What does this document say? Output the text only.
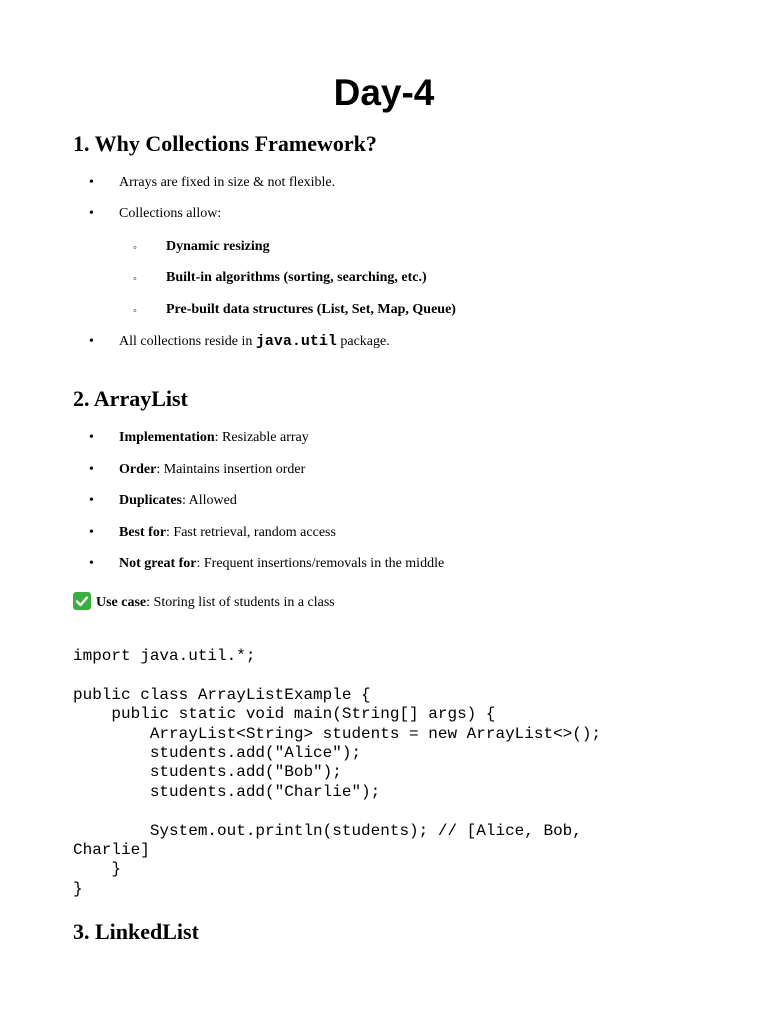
Day-4
1. Why Collections Framework?
• Arrays are fixed in size & not flexible.
• Collections allow:
◦ Dynamic resizing
◦ Built-in algorithms (sorting, searching, etc.)
◦ Pre-built data structures (List, Set, Map, Queue)
• All collections reside in java.util package.
2. ArrayList
• Implementation: Resizable array
• Order: Maintains insertion order
• Duplicates: Allowed
• Best for: Fast retrieval, random access
• Not great for: Frequent insertions/removals in the middle
Use case: Storing list of students in a class
import java.util.*;
public class ArrayListExample {
public static void main(String[] args) {
ArrayList<String> students = new ArrayList<>();
students.add("Alice");
students.add("Bob");
students.add("Charlie");
System.out.println(students); // [Alice, Bob,
Charlie]
}
}
3. LinkedList
